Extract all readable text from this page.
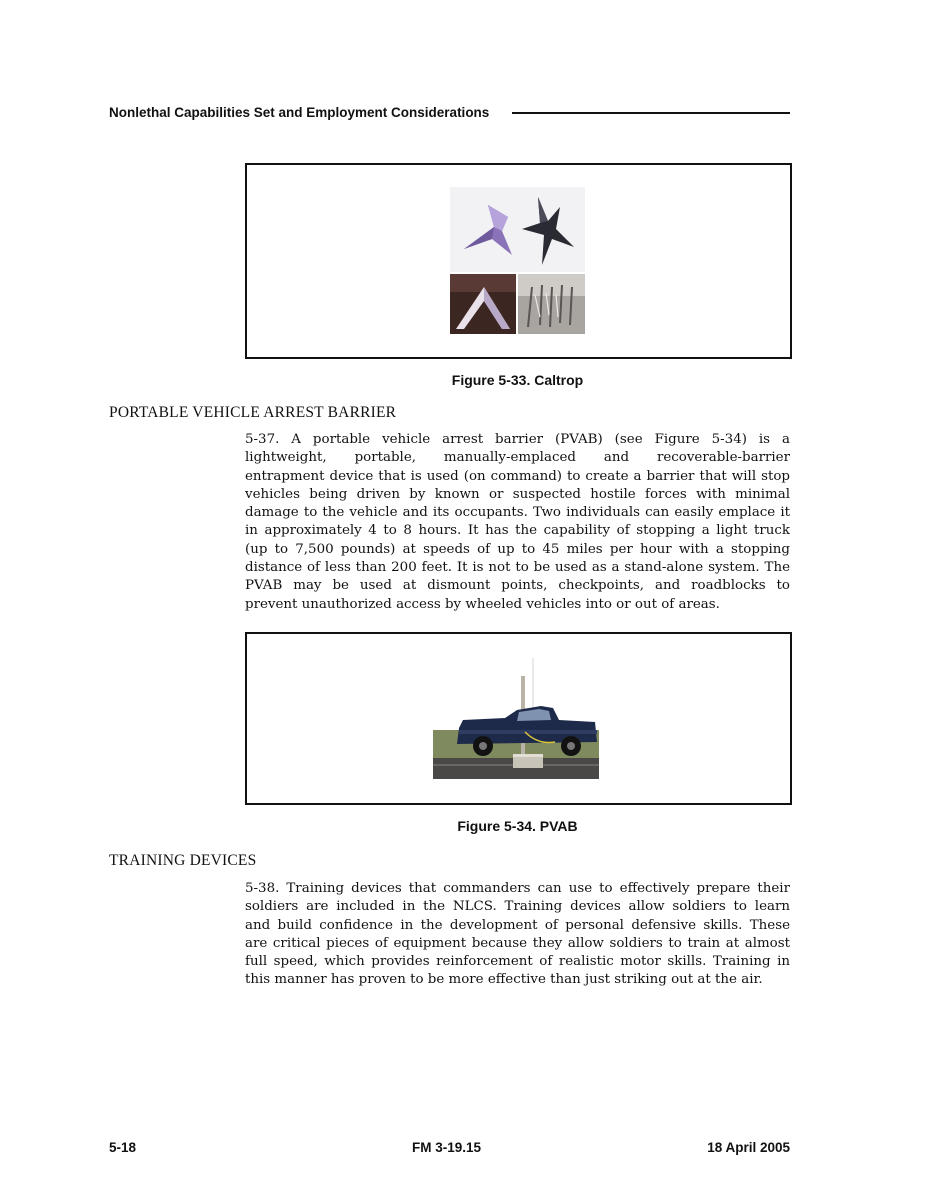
Nonlethal Capabilities Set and Employment Considerations
Figure 5-33. Caltrop
PORTABLE VEHICLE ARREST BARRIER
5-37. A portable vehicle arrest barrier (PVAB) (see Figure 5-34) is a
lightweight, portable, manually-emplaced and recoverable-barrier
entrapment device that is used (on command) to create a barrier that will stop
vehicles being driven by known or suspected hostile forces with minimal
damage to the vehicle and its occupants. Two individuals can easily emplace it
in approximately 4 to 8 hours. It has the capability of stopping a light truck
(up to 7,500 pounds) at speeds of up to 45 miles per hour with a stopping
distance of less than 200 feet. It is not to be used as a stand-alone system. The
PVAB may be used at dismount points, checkpoints, and roadblocks to
prevent unauthorized access by wheeled vehicles into or out of areas.
Figure 5-34. PVAB
TRAINING DEVICES
5-38. Training devices that commanders can use to effectively prepare their
soldiers are included in the NLCS. Training devices allow soldiers to learn
and build confidence in the development of personal defensive skills. These
are critical pieces of equipment because they allow soldiers to train at almost
full speed, which provides reinforcement of realistic motor skills. Training in
this manner has proven to be more effective than just striking out at the air.
5-18	FM 3-19.15	18 April 2005
